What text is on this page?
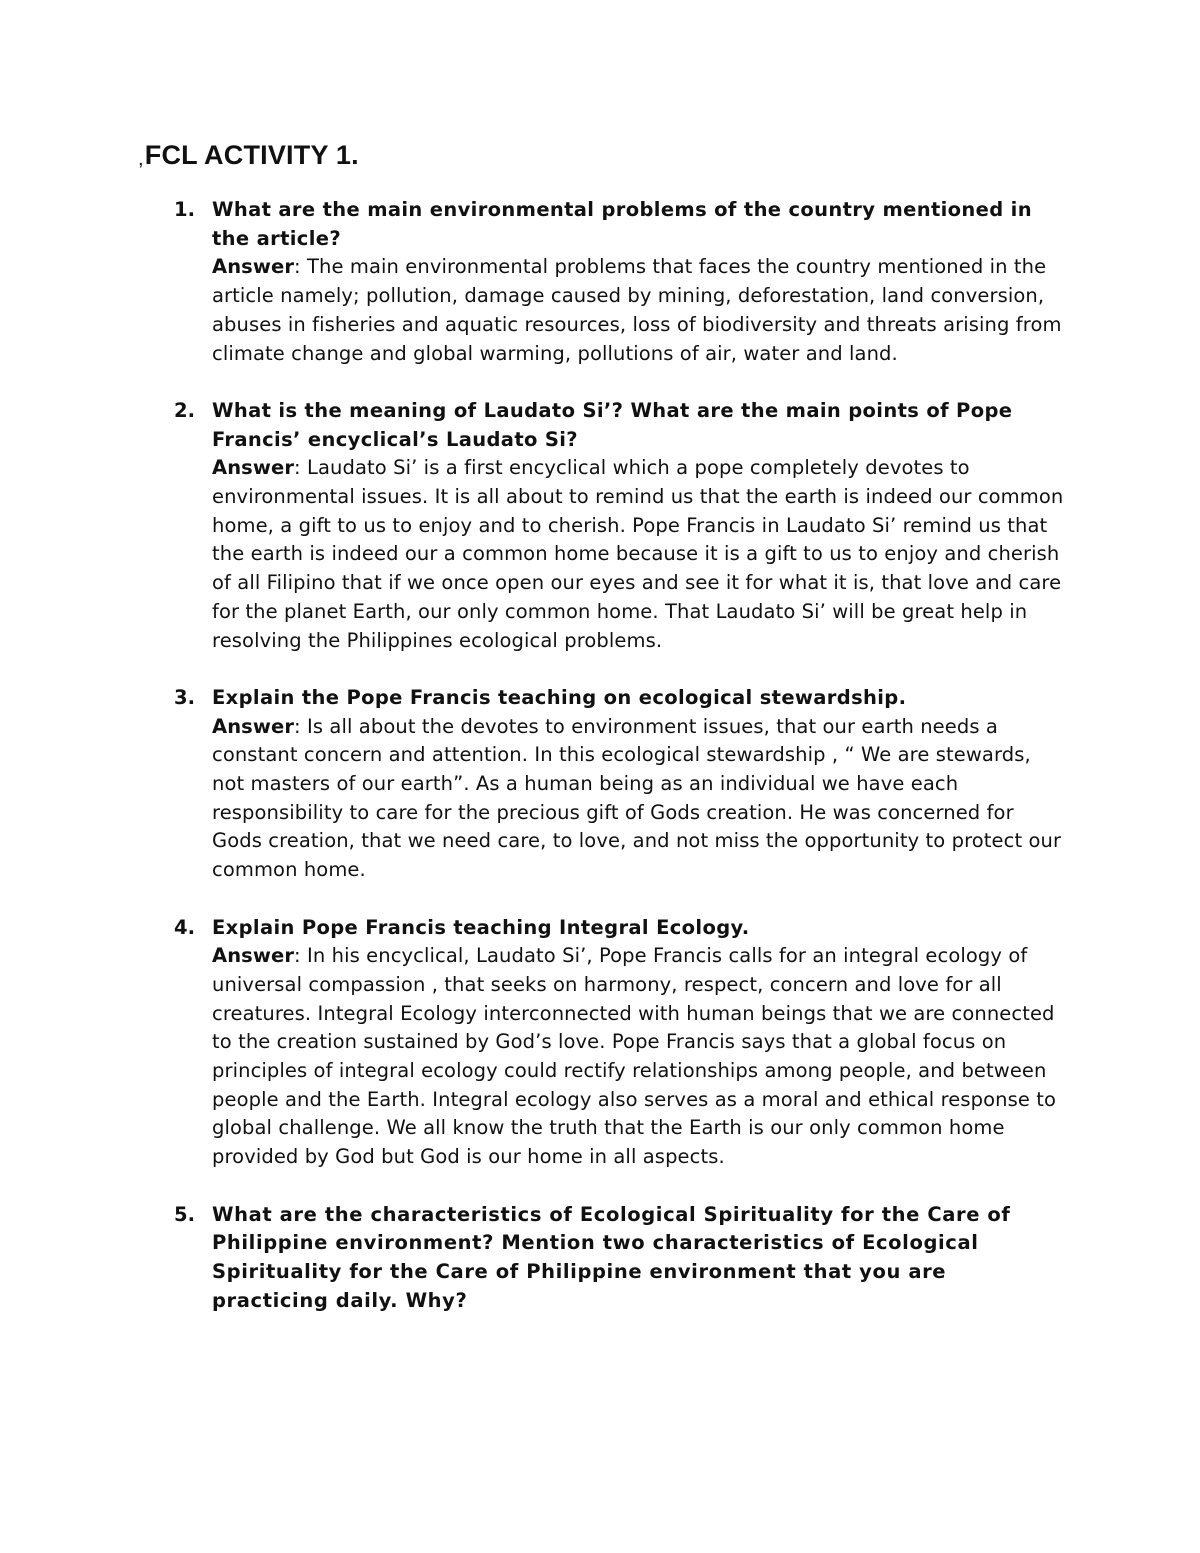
,FCL ACTIVITY 1.
1. What are the main environmental problems of the country mentioned in the article?
Answer: The main environmental problems that faces the country mentioned in the article namely; pollution, damage caused by mining, deforestation, land conversion, abuses in fisheries and aquatic resources, loss of biodiversity and threats arising from climate change and global warming, pollutions of air, water and land.
2. What is the meaning of Laudato Si’? What are the main points of Pope Francis’ encyclical’s Laudato Si?
Answer: Laudato Si’ is a first encyclical which a pope completely devotes to environmental issues. It is all about to remind us that the earth is indeed our common home, a gift to us to enjoy and to cherish. Pope Francis in Laudato Si’ remind us that the earth is indeed our a common home because it is a gift to us to enjoy and cherish of all Filipino that if we once open our eyes and see it for what it is, that love and care for the planet Earth, our only common home. That Laudato Si’ will be great help in resolving the Philippines ecological problems.
3. Explain the Pope Francis teaching on ecological stewardship.
Answer: Is all about the devotes to environment issues, that our earth needs a constant concern and attention. In this ecological stewardship , “ We are stewards, not masters of our earth”. As a human being as an individual we have each responsibility to care for the precious gift of Gods creation. He was concerned for Gods creation, that we need care, to love, and not miss the opportunity to protect our common home.
4. Explain Pope Francis teaching Integral Ecology.
Answer: In his encyclical, Laudato Si’, Pope Francis calls for an integral ecology of universal compassion , that seeks on harmony, respect, concern and love for all creatures. Integral Ecology interconnected with human beings that we are connected to the creation sustained by God’s love. Pope Francis says that a global focus on principles of integral ecology could rectify relationships among people, and between people and the Earth. Integral ecology also serves as a moral and ethical response to global challenge. We all know the truth that the Earth is our only common home provided by God but God is our home in all aspects.
5. What are the characteristics of Ecological Spirituality for the Care of Philippine environment? Mention two characteristics of Ecological Spirituality for the Care of Philippine environment that you are practicing daily. Why?
